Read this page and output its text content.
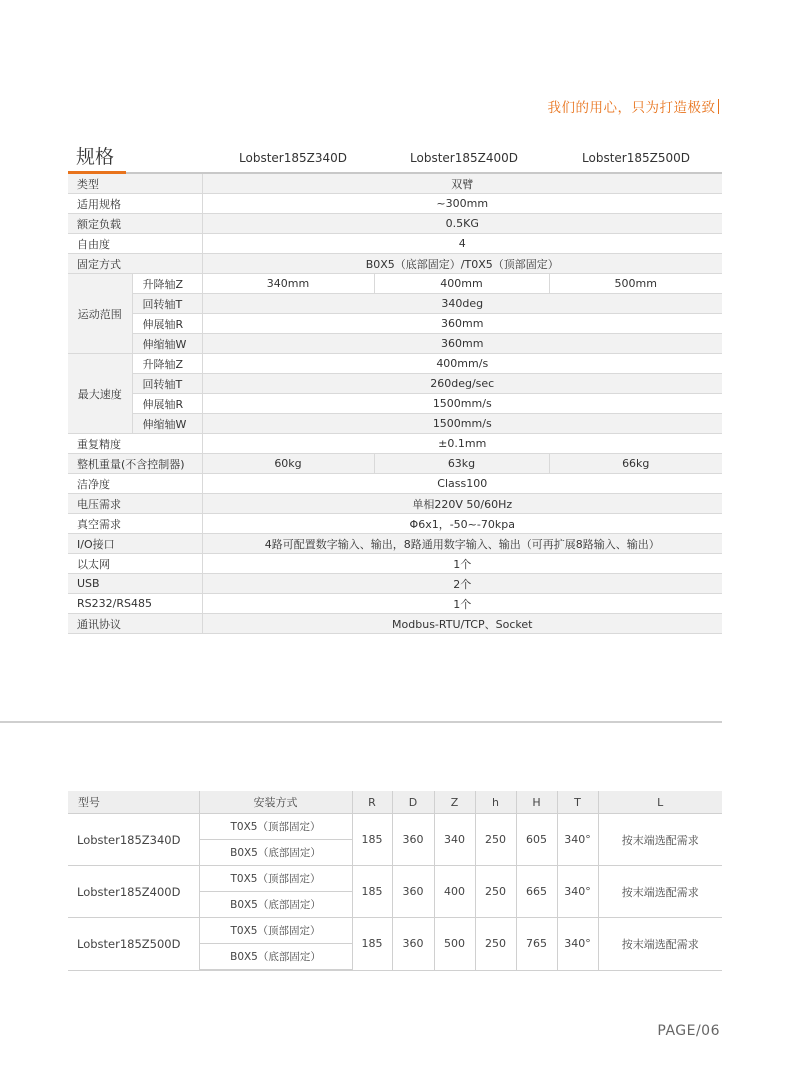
我们的用心，只为打造极致
规格	Lobster185Z340D	Lobster185Z400D	Lobster185Z500D
类型		双臂		
适用规格		~300mm		
额定负载		0.5KG		
自由度		4		
固定方式		B0X5（底部固定）/T0X5（顶部固定）		
运动范围	升降轴Z	340mm	400mm	500mm
	回转轴T	340deg		
	伸展轴R	360mm		
	伸缩轴W	360mm		
最大速度	升降轴Z	400mm/s		
	回转轴T	260deg/sec		
	伸展轴R	1500mm/s		
	伸缩轴W	1500mm/s		
重复精度		±0.1mm		
整机重量(不含控制器)		60kg	63kg	66kg
洁净度		Class100		
电压需求		单相220V 50/60Hz		
真空需求		Φ6x1，-50~-70kpa		
I/O接口		4路可配置数字输入、输出，8路通用数字输入、输出（可再扩展8路输入、输出）		
以太网		1个		
USB		2个		
RS232/RS485		1个		
通讯协议		Modbus-RTU/TCP、Socket		
型号	安装方式	R	D	Z	h	H	T	L
Lobster185Z340D	T0X5（顶部固定）	185	360	340	250	605	340°	按末端选配需求
	B0X5（底部固定）							
Lobster185Z400D	T0X5（顶部固定）	185	360	400	250	665	340°	按末端选配需求
	B0X5（底部固定）							
Lobster185Z500D	T0X5（顶部固定）	185	360	500	250	765	340°	按末端选配需求
	B0X5（底部固定）							
PAGE/06
